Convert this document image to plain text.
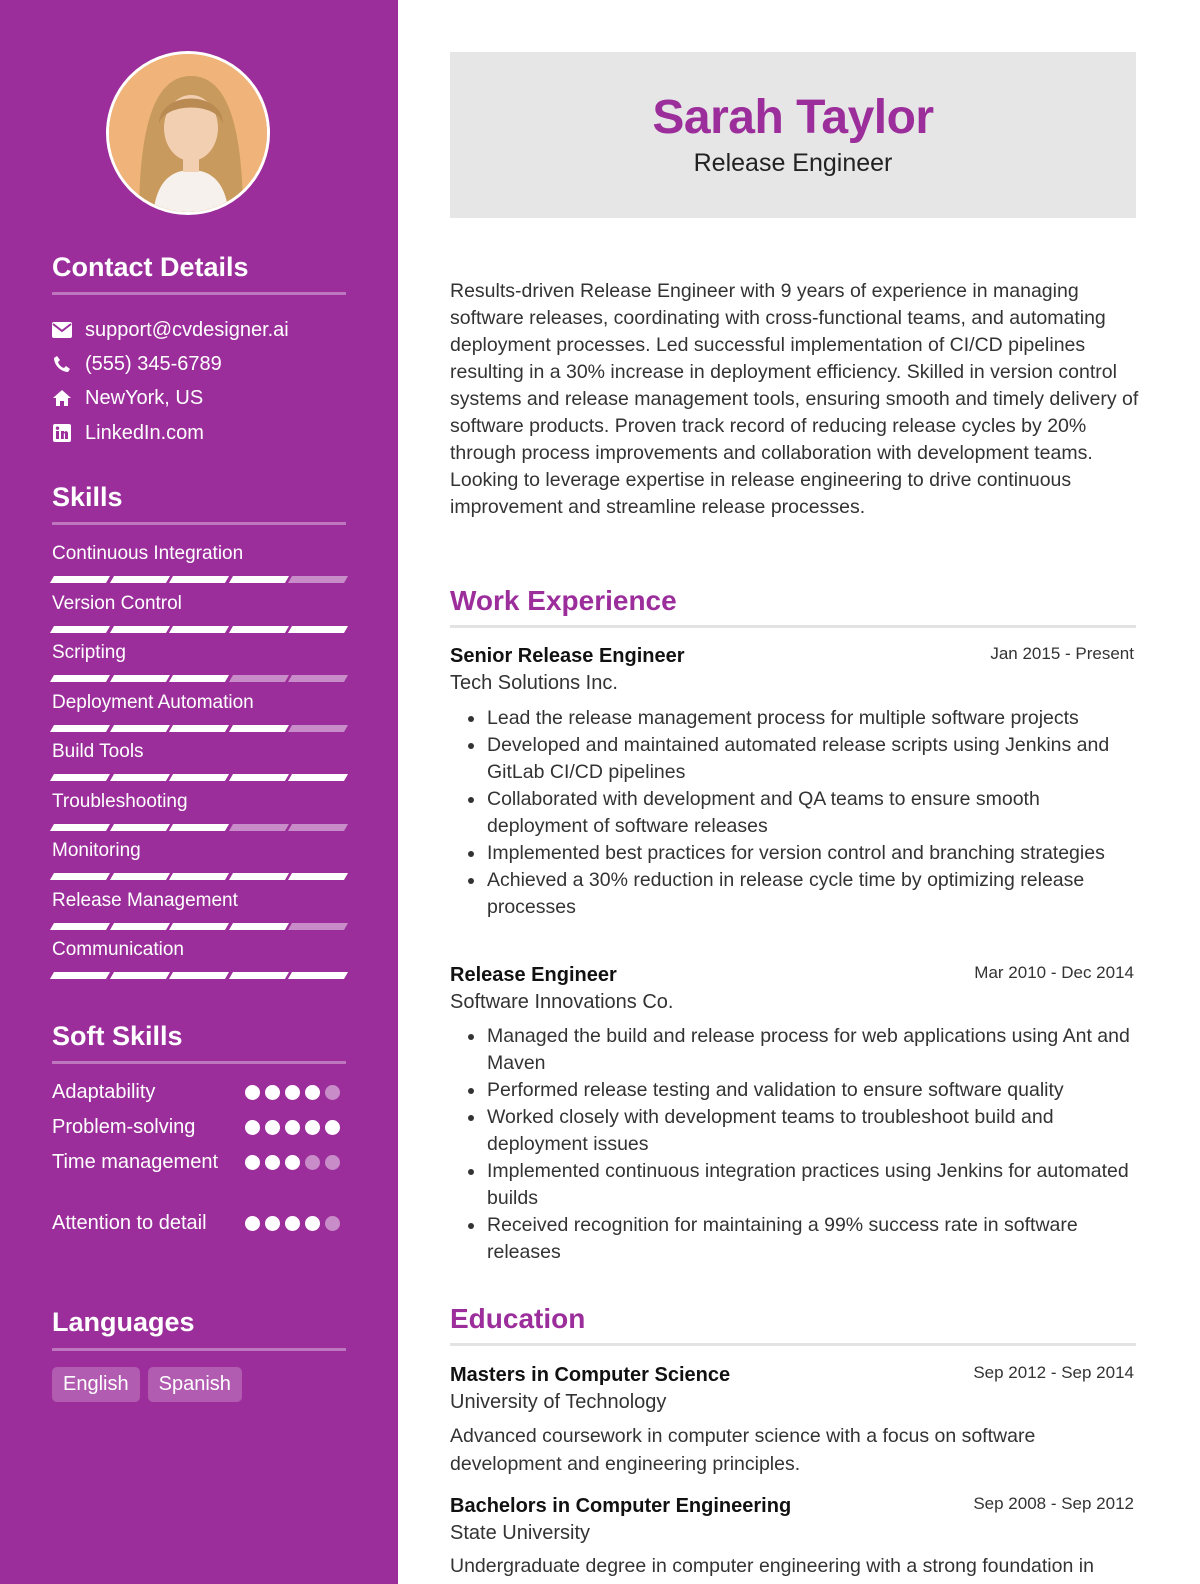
Contact Details
support@cvdesigner.ai
(555) 345-6789
NewYork, US
LinkedIn.com
Skills
Continuous Integration
Version Control
Scripting
Deployment Automation
Build Tools
Troubleshooting
Monitoring
Release Management
Communication
Soft Skills
Adaptability
Problem-solving
Time management
Attention to detail
Languages
English	Spanish
Sarah Taylor
Release Engineer
Results-driven Release Engineer with 9 years of experience in managing software releases, coordinating with cross-functional teams, and automating deployment processes. Led successful implementation of CI/CD pipelines resulting in a 30% increase in deployment efficiency. Skilled in version control systems and release management tools, ensuring smooth and timely delivery of software products. Proven track record of reducing release cycles by 20% through process improvements and collaboration with development teams. Looking to leverage expertise in release engineering to drive continuous improvement and streamline release processes.
Work Experience
Senior Release Engineer	Jan 2015 - Present
Tech Solutions Inc.
Lead the release management process for multiple software projects
Developed and maintained automated release scripts using Jenkins and GitLab CI/CD pipelines
Collaborated with development and QA teams to ensure smooth deployment of software releases
Implemented best practices for version control and branching strategies
Achieved a 30% reduction in release cycle time by optimizing release processes
Release Engineer	Mar 2010 - Dec 2014
Software Innovations Co.
Managed the build and release process for web applications using Ant and Maven
Performed release testing and validation to ensure software quality
Worked closely with development teams to troubleshoot build and deployment issues
Implemented continuous integration practices using Jenkins for automated builds
Received recognition for maintaining a 99% success rate in software releases
Education
Masters in Computer Science	Sep 2012 - Sep 2014
University of Technology
Advanced coursework in computer science with a focus on software development and engineering principles.
Bachelors in Computer Engineering	Sep 2008 - Sep 2012
State University
Undergraduate degree in computer engineering with a strong foundation in
